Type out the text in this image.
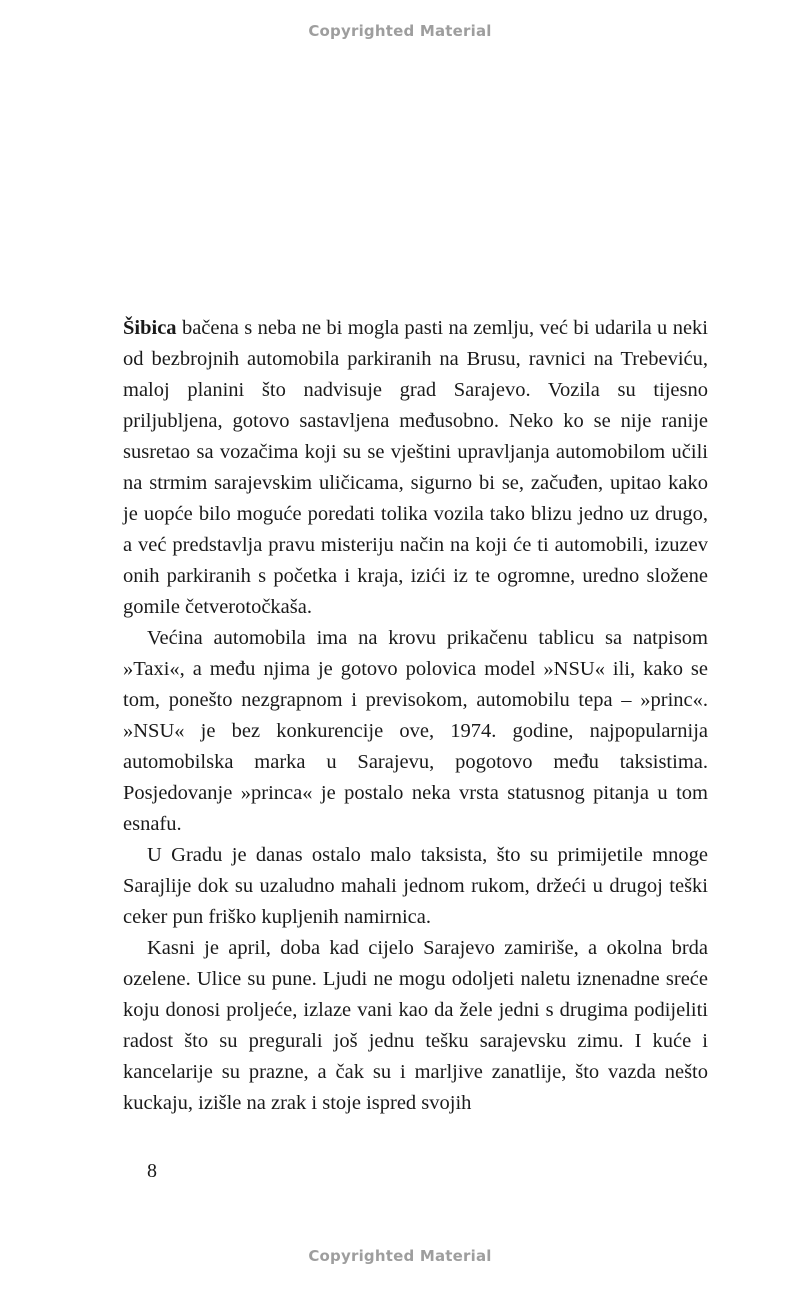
Copyrighted Material

Šibica bačena s neba ne bi mogla pasti na zemlju, već bi udarila u neki od bezbrojnih automobila parkiranih na Brusu, ravnici na Trebeviću, maloj planini što nadvisuje grad Sarajevo. Vozila su tijesno priljubljena, gotovo sastavljena međusobno. Neko ko se nije ranije susretao sa vozačima koji su se vještini upravljanja automobilom učili na strmim sarajevskim uličicama, sigurno bi se, začuđen, upitao kako je uopće bilo moguće poredati tolika vozila tako blizu jedno uz drugo, a već predstavlja pravu misteriju način na koji će ti automobili, izuzev onih parkiranih s početka i kraja, izići iz te ogromne, uredno složene gomile četverotočkaša.

Većina automobila ima na krovu prikačenu tablicu sa natpisom »Taxi«, a među njima je gotovo polovica model »NSU« ili, kako se tom, ponešto nezgrapnom i previsokom, automobilu tepa – »princ«. »NSU« je bez konkurencije ove, 1974. godine, najpopularnija automobilska marka u Sarajevu, pogotovo među taksistima. Posjedovanje »princa« je postalo neka vrsta statusnog pitanja u tom esnafu.

U Gradu je danas ostalo malo taksista, što su primijetile mnoge Sarajlije dok su uzaludno mahali jednom rukom, držeći u drugoj teški ceker pun friško kupljenih namirnica.

Kasni je april, doba kad cijelo Sarajevo zamiriše, a okolna brda ozelene. Ulice su pune. Ljudi ne mogu odoljeti naletu iznenadne sreće koju donosi proljeće, izlaze vani kao da žele jedni s drugima podijeliti radost što su pregurali još jednu tešku sarajevsku zimu. I kuće i kancelarije su prazne, a čak su i marljive zanatlije, što vazda nešto kuckaju, izišle na zrak i stoje ispred svojih

8
Copyrighted Material
